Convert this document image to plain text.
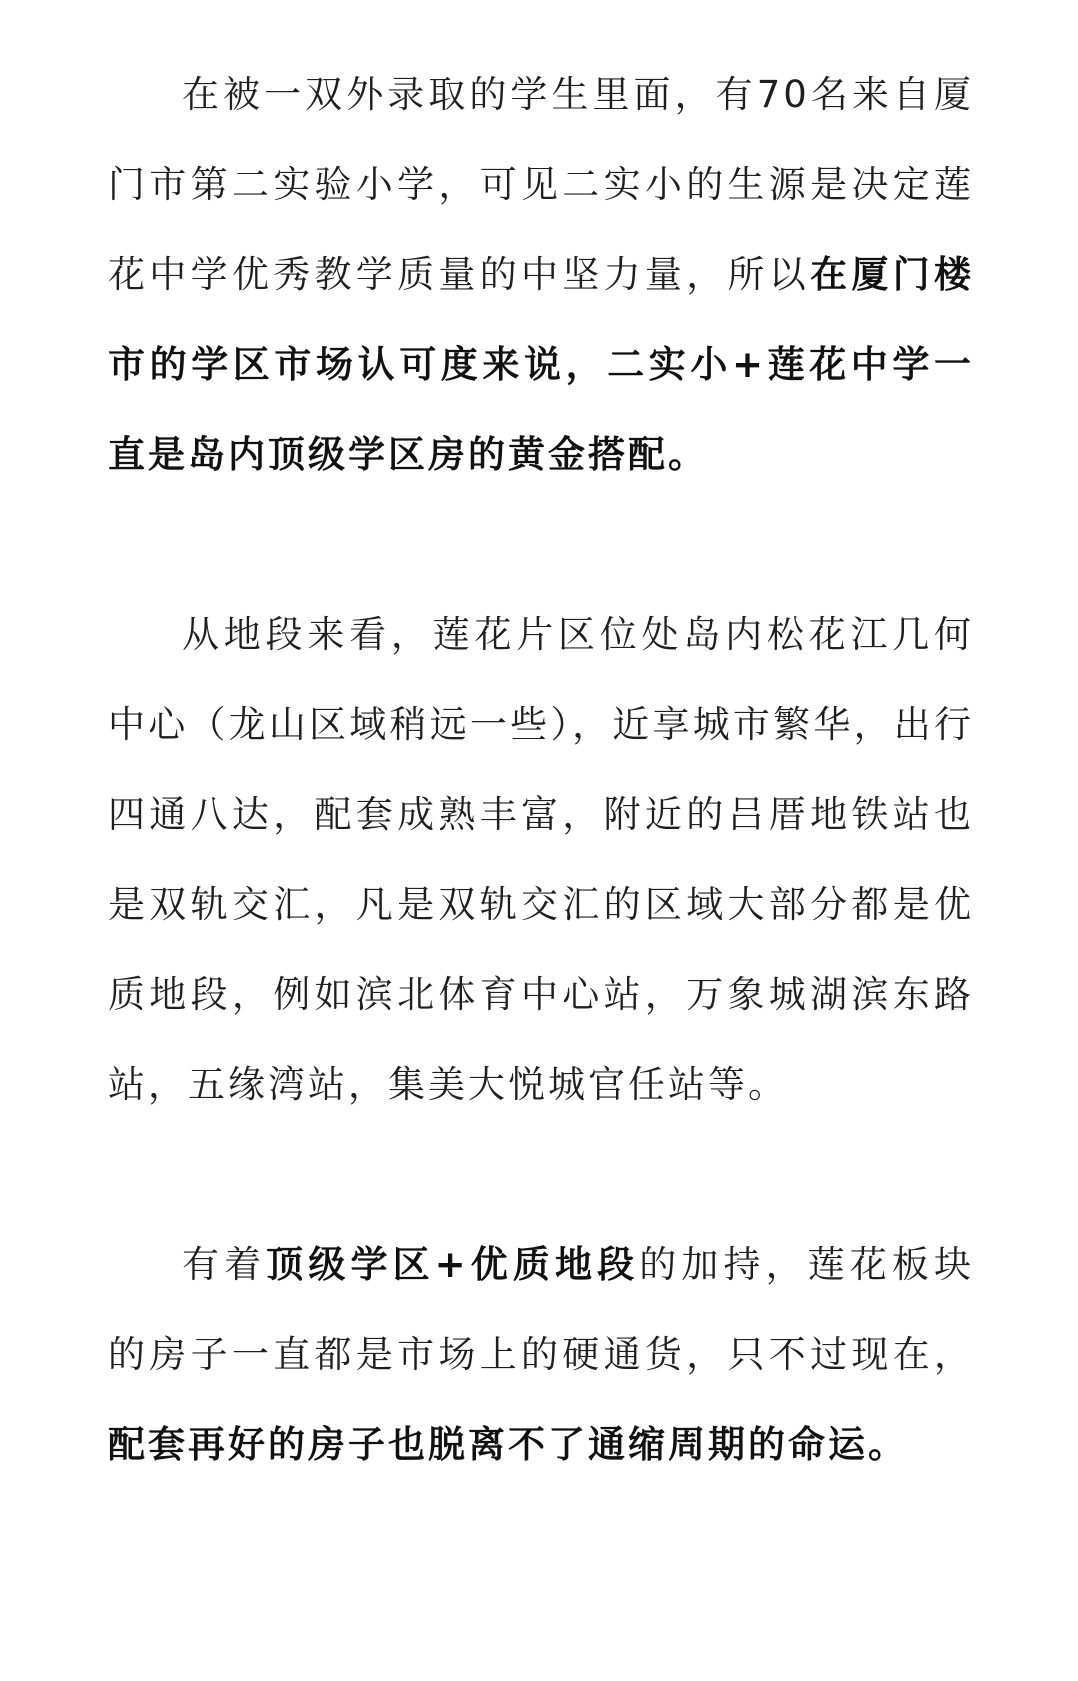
在被一双外录取的学生里面，有70名来自厦门市第二实验小学，可见二实小的生源是决定莲花中学优秀教学质量的中坚力量，所以在厦门楼市的学区市场认可度来说，二实小+莲花中学一直是岛内顶级学区房的黄金搭配。

从地段来看，莲花片区位处岛内松花江几何中心（龙山区域稍远一些），近享城市繁华，出行四通八达，配套成熟丰富，附近的吕厝地铁站也是双轨交汇，凡是双轨交汇的区域大部分都是优质地段，例如滨北体育中心站，万象城湖滨东路站，五缘湾站，集美大悦城官任站等。

有着顶级学区+优质地段的加持，莲花板块的房子一直都是市场上的硬通货，只不过现在，配套再好的房子也脱离不了通缩周期的命运。
